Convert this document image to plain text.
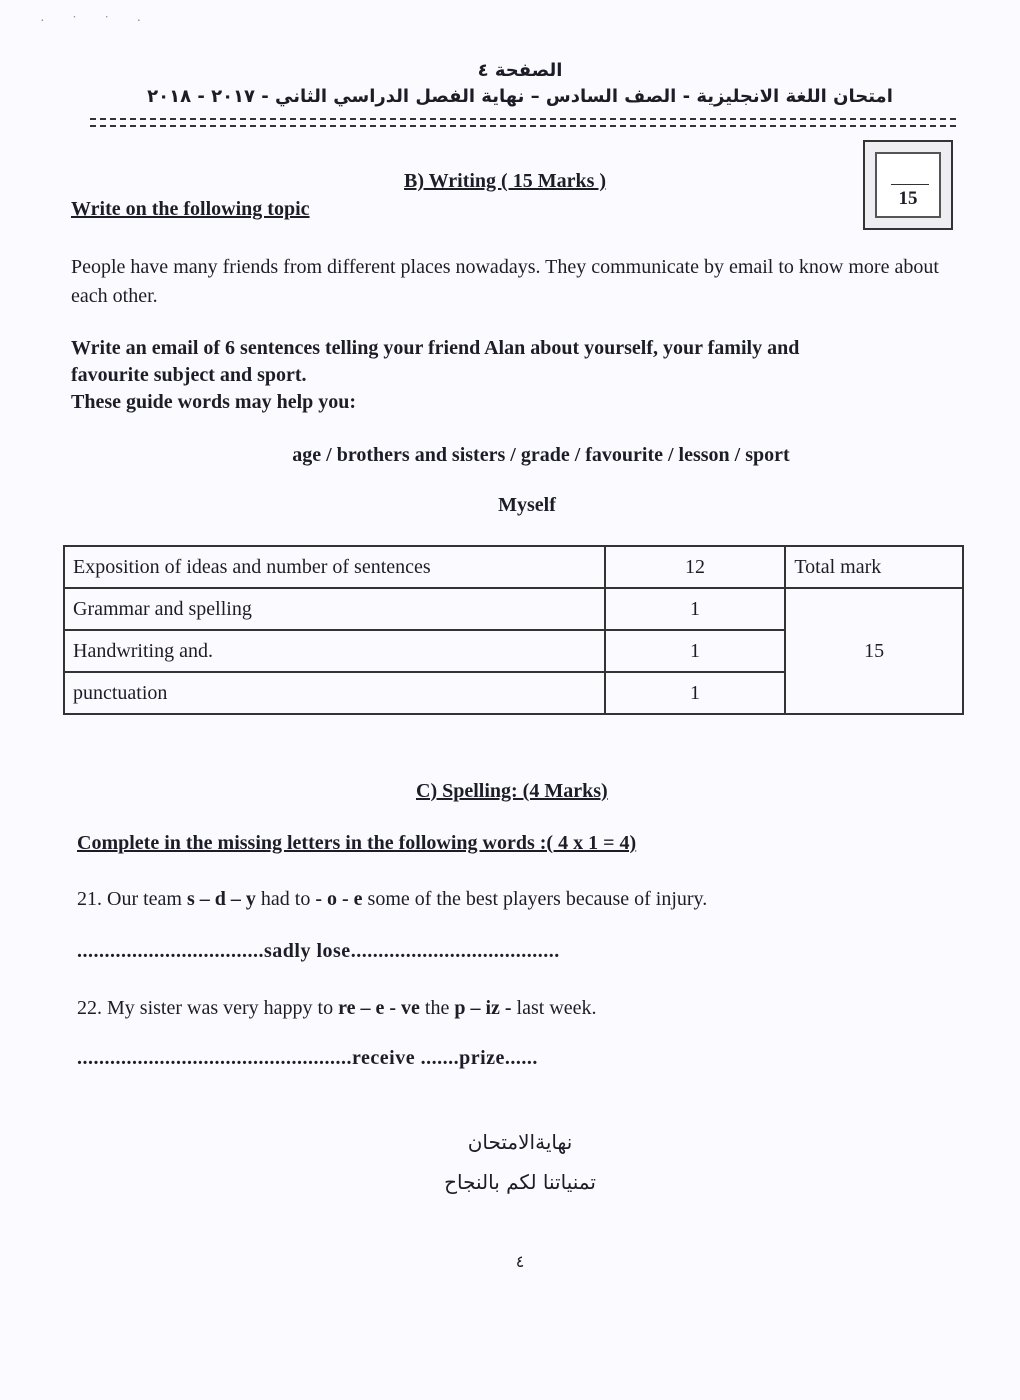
· ˙ ˙ ·
الصفحة ٤
امتحان اللغة الانجليزية - الصف السادس – نهاية الفصل الدراسي الثاني - ٢٠١٧ - ٢٠١٨
15
B) Writing ( 15 Marks )
Write on the following topic
People have many friends from different places nowadays. They communicate by email to know more about each other.
Write an email of 6 sentences telling your friend Alan about yourself, your family and
favourite subject and sport.
These guide words may help you:
age / brothers and sisters / grade / favourite / lesson / sport
Myself
Exposition of ideas and number of sentences	12	Total mark
Grammar and spelling	1	15
Handwriting and.	1	
punctuation	1	
C) Spelling: (4 Marks)
Complete in the missing letters in the following words :( 4 x 1 = 4)
21. Our team s – d – y had to - o - e some of the best players because of injury.
..................................sadly lose......................................
22. My sister was very happy to re – e - ve the p – iz - last week.
..................................................receive .......prize......
نهايةالامتحان
تمنياتنا لكم بالنجاح
٤
